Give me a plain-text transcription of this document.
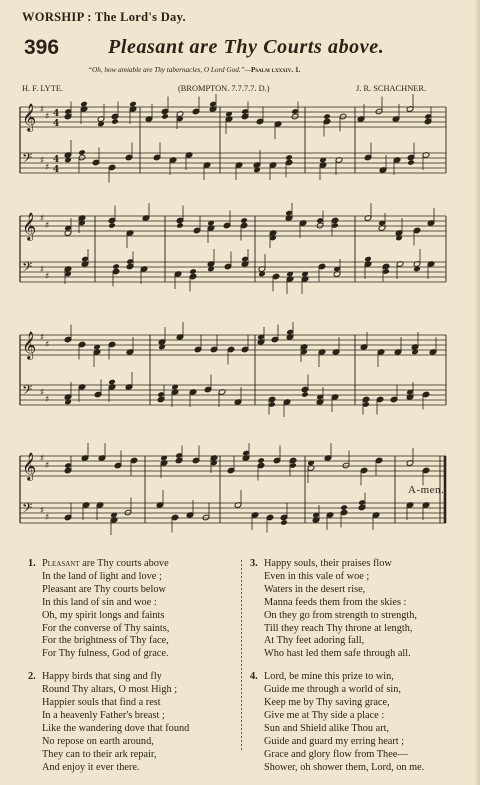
WORSHIP : The Lord's Day.
396 Pleasant are Thy Courts above.
“Oh, how amiable are Thy tabernacles, O Lord God.”—Psalm lxxxiv. 1.
H. F. LYTE.	(BROMPTON. 7.7.7.7. D.)	J. R. SCHACHNER.
𝄞 ♯
♯ 4
4
𝄢 ♯
♯
4
4
𝄞 ♯
♯
𝄢 ♯
♯
𝄞 ♯
♯
𝄢 ♯
♯
𝄞 ♯
♯
𝄢 ♯
♯
A-men.
1. Pleasant are Thy courts above
In the land of light and love ;
Pleasant are Thy courts below
In this land of sin and woe :
Oh, my spirit longs and faints
For the converse of Thy saints,
For the brightness of Thy face,
For Thy fulness, God of grace.
2. Happy birds that sing and fly
Round Thy altars, O most High ;
Happier souls that find a rest
In a heavenly Father's breast ;
Like the wandering dove that found
No repose on earth around,
They can to their ark repair,
And enjoy it ever there.
3. Happy souls, their praises flow
Even in this vale of woe ;
Waters in the desert rise,
Manna feeds them from the skies :
On they go from strength to strength,
Till they reach Thy throne at length,
At Thy feet adoring fall,
Who hast led them safe through all.
4. Lord, be mine this prize to win,
Guide me through a world of sin,
Keep me by Thy saving grace,
Give me at Thy side a place :
Sun and Shield alike Thou art,
Guide and guard my erring heart ;
Grace and glory flow from Thee—
Shower, oh shower them, Lord, on me.
